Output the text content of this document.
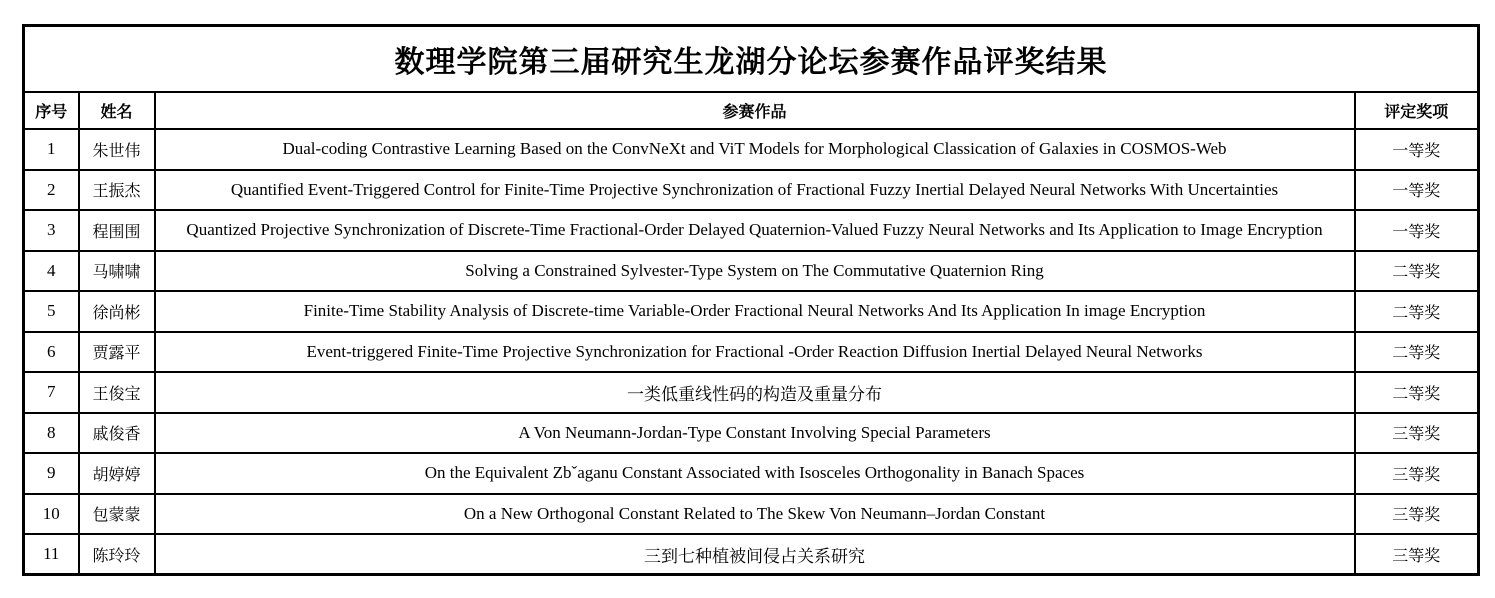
数理学院第三届研究生龙湖分论坛参赛作品评奖结果			

序号	姓名	参赛作品	评定奖项
1	朱世伟	Dual-coding Contrastive Learning Based on the ConvNeXt and ViT Models for Morphological Classication of Galaxies in COSMOS-Web	一等奖
2	王振杰	Quantified Event-Triggered Control for Finite-Time Projective Synchronization of Fractional Fuzzy Inertial Delayed Neural Networks With Uncertainties	一等奖
3	程围围	Quantized Projective Synchronization of Discrete-Time Fractional-Order Delayed Quaternion-Valued Fuzzy Neural Networks and Its Application to Image Encryption	一等奖
4	马啸啸	Solving a Constrained Sylvester-Type System on The Commutative Quaternion Ring	二等奖
5	徐尚彬	Finite-Time Stability Analysis of Discrete-time Variable-Order Fractional Neural Networks And Its Application In image Encryption	二等奖
6	贾露平	Event-triggered Finite-Time Projective Synchronization for Fractional -Order Reaction Diffusion Inertial Delayed Neural Networks	二等奖
7	王俊宝	一类低重线性码的构造及重量分布	二等奖
8	戚俊香	A Von Neumann-Jordan-Type Constant Involving Special Parameters	三等奖
9	胡婷婷	On the Equivalent Zbˇaganu Constant Associated with Isosceles Orthogonality in Banach Spaces	三等奖
10	包蒙蒙	On a New Orthogonal Constant Related to The Skew Von Neumann–Jordan Constant	三等奖
11	陈玲玲	三到七种植被间侵占关系研究	三等奖
